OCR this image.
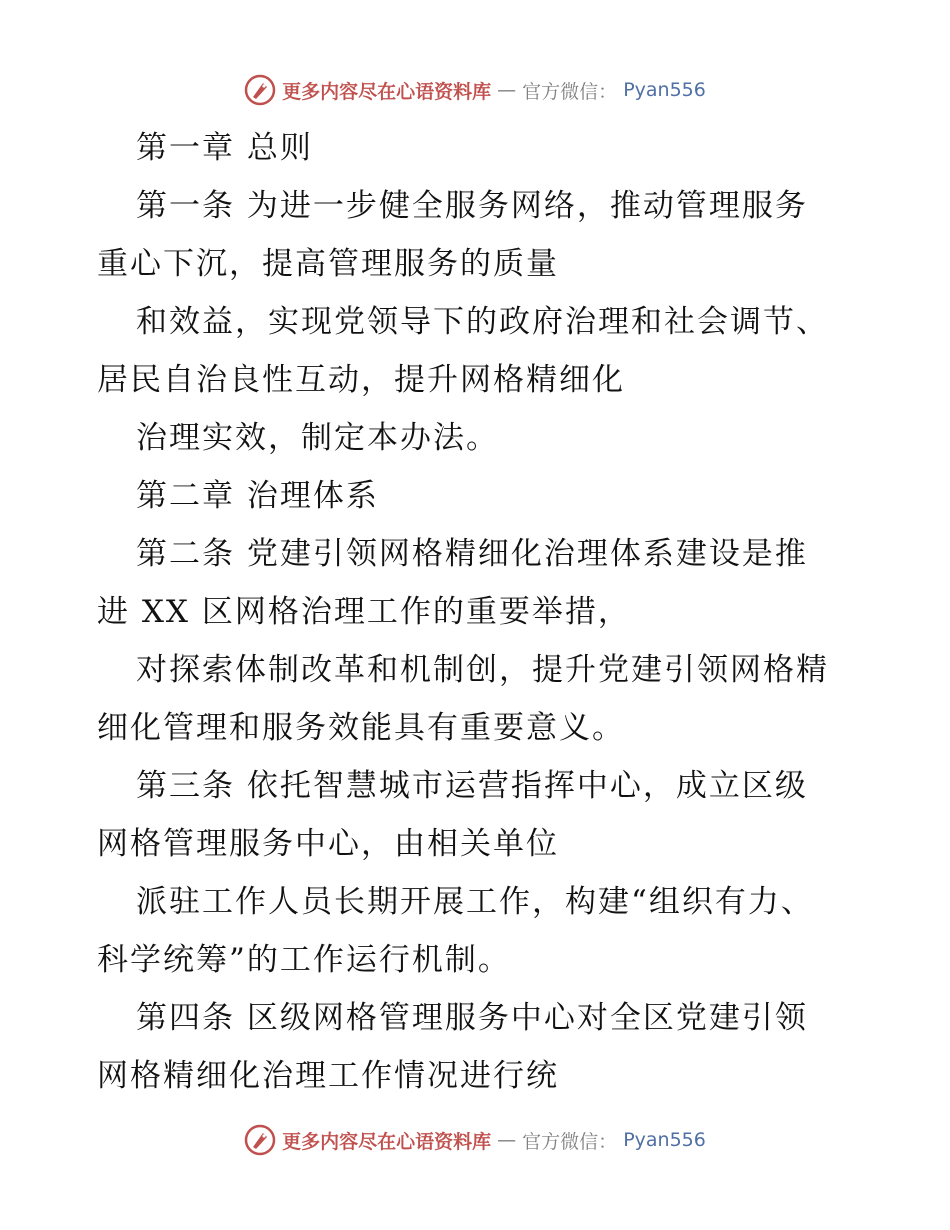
更多内容尽在心语资料库 — 官方微信： Pyan556
第一章 总则
第一条 为进一步健全服务网络，推动管理服务
重心下沉，提高管理服务的质量
和效益，实现党领导下的政府治理和社会调节、
居民自治良性互动，提升网格精细化
治理实效，制定本办法。
第二章 治理体系
第二条 党建引领网格精细化治理体系建设是推
进 XX 区网格治理工作的重要举措，
对探索体制改革和机制创，提升党建引领网格精
细化管理和服务效能具有重要意义。
第三条 依托智慧城市运营指挥中心，成立区级
网格管理服务中心，由相关单位
派驻工作人员长期开展工作，构建“组织有力、
科学统筹”的工作运行机制。
第四条 区级网格管理服务中心对全区党建引领
网格精细化治理工作情况进行统
更多内容尽在心语资料库 — 官方微信： Pyan556
